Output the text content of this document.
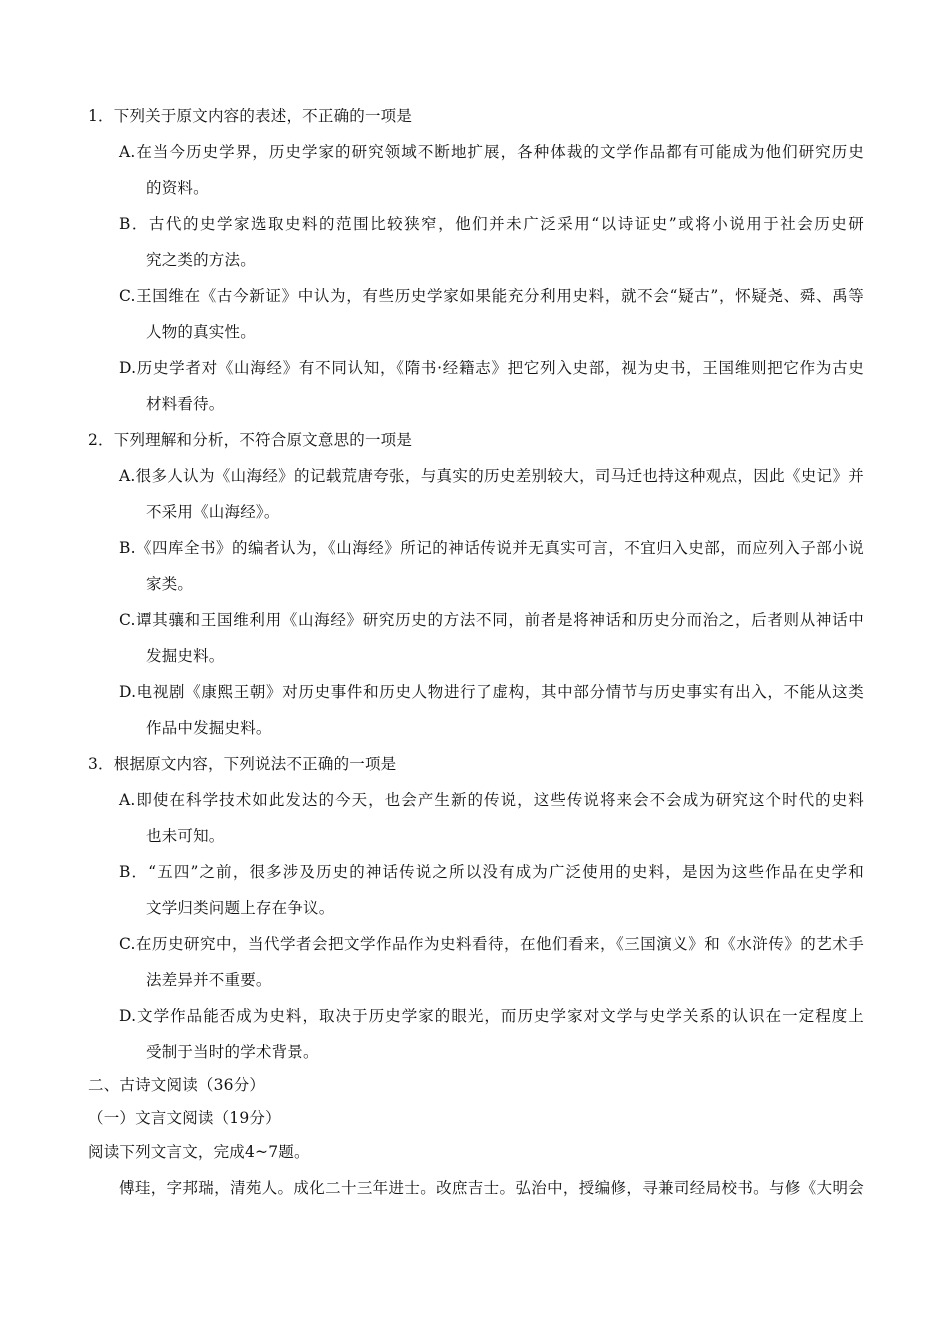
1．下列关于原文内容的表述，不正确的一项是
A.在当今历史学界，历史学家的研究领域不断地扩展，各种体裁的文学作品都有可能成为他们研究历史
的资料。
B．古代的史学家选取史料的范围比较狭窄，他们并未广泛采用“以诗证史”或将小说用于社会历史研
究之类的方法。
C.王国维在《古今新证》中认为，有些历史学家如果能充分利用史料，就不会“疑古”，怀疑尧、舜、禹等
人物的真实性。
D.历史学者对《山海经》有不同认知，《隋书·经籍志》把它列入史部，视为史书，王国维则把它作为古史
材料看待。
2．下列理解和分析，不符合原文意思的一项是
A.很多人认为《山海经》的记载荒唐夸张，与真实的历史差别较大，司马迁也持这种观点，因此《史记》并
不采用《山海经》。
B.《四库全书》的编者认为，《山海经》所记的神话传说并无真实可言，不宜归入史部，而应列入子部小说
家类。
C.谭其骧和王国维利用《山海经》研究历史的方法不同，前者是将神话和历史分而治之，后者则从神话中
发掘史料。
D.电视剧《康熙王朝》对历史事件和历史人物进行了虚构，其中部分情节与历史事实有出入，不能从这类
作品中发掘史料。
3．根据原文内容，下列说法不正确的一项是
A.即使在科学技术如此发达的今天，也会产生新的传说，这些传说将来会不会成为研究这个时代的史料
也未可知。
B．“五四”之前，很多涉及历史的神话传说之所以没有成为广泛使用的史料，是因为这些作品在史学和
文学归类问题上存在争议。
C.在历史研究中，当代学者会把文学作品作为史料看待，在他们看来，《三国演义》和《水浒传》的艺术手
法差异并不重要。
D.文学作品能否成为史料，取决于历史学家的眼光，而历史学家对文学与史学关系的认识在一定程度上
受制于当时的学术背景。
二、古诗文阅读（36分）
（一）文言文阅读（19分）
阅读下列文言文，完成4~7题。
傅珪，字邦瑞，清苑人。成化二十三年进士。改庶吉士。弘治中，授编修，寻兼司经局校书。与修《大明会
